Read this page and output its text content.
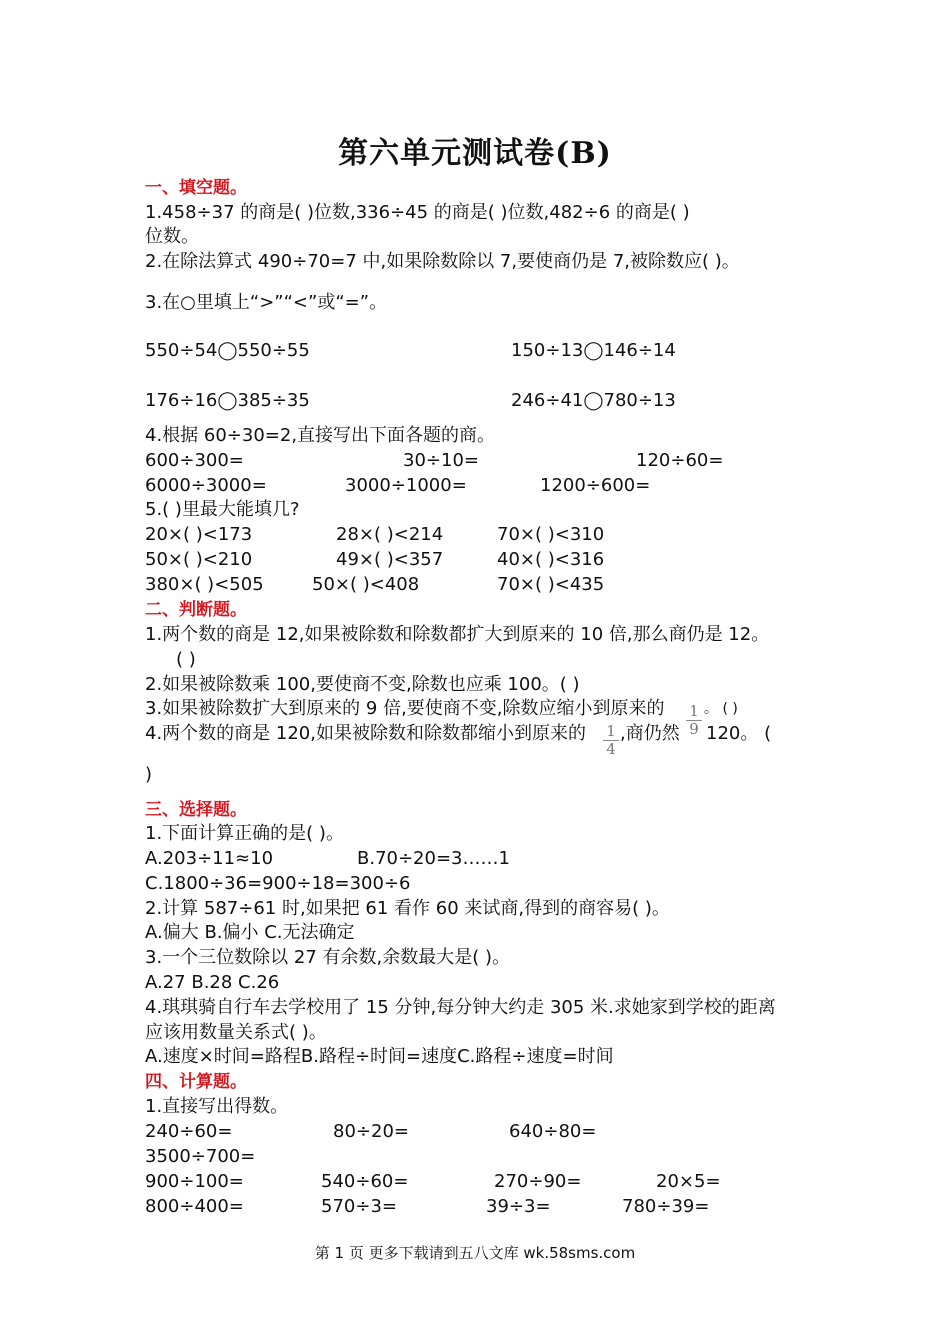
第六单元测试卷(B)
一、填空题。
1.458÷37 的商是( )位数,336÷45 的商是( )位数,482÷6 的商是( )
位数。
2.在除法算式 490÷70=7 中,如果除数除以 7,要使商仍是 7,被除数应( )。
3.在○里填上“>”“<”或“=”。
550÷54◯550÷55	150÷13◯146÷14
176÷16◯385÷35	246÷41◯780÷13
4.根据 60÷30=2,直接写出下面各题的商。
600÷300=	30÷10=	120÷60=
6000÷3000=	3000÷1000=	1200÷600=
5.( )里最大能填几?
20×( )<173	28×( )<214	70×( )<310
50×( )<210	49×( )<357	40×( )<316
380×( )<505	50×( )<408	70×( )<435
二、判断题。
1.两个数的商是 12,如果被除数和除数都扩大到原来的 10 倍,那么商仍是 12。
( )
2.如果被除数乘 100,要使商不变,除数也应乘 100。( )
3.如果被除数扩大到原来的 9 倍,要使商不变,除数应缩小到原来的 $\frac{1}{9}$ 。 ( )
4.两个数的商是 120,如果被除数和除数都缩小到原来的 $\frac{1}{4}$ ,商仍然 120。 (
)
三、选择题。
1.下面计算正确的是( )。
A.203÷11≈10	B.70÷20=3……1
C.1800÷36=900÷18=300÷6
2.计算 587÷61 时,如果把 61 看作 60 来试商,得到的商容易( )。
A.偏大 B.偏小 C.无法确定
3.一个三位数除以 27 有余数,余数最大是( )。
A.27 B.28 C.26
4.琪琪骑自行车去学校用了 15 分钟,每分钟大约走 305 米.求她家到学校的距离
应该用数量关系式( )。
A.速度×时间=路程B.路程÷时间=速度C.路程÷速度=时间
四、计算题。
1.直接写出得数。
240÷60=	80÷20=	640÷80=
3500÷700=
900÷100=	540÷60=	270÷90=	20×5=
800÷400=	570÷3=	39÷3=	780÷39=
第 1 页 更多下载请到五八文库 wk.58sms.com
